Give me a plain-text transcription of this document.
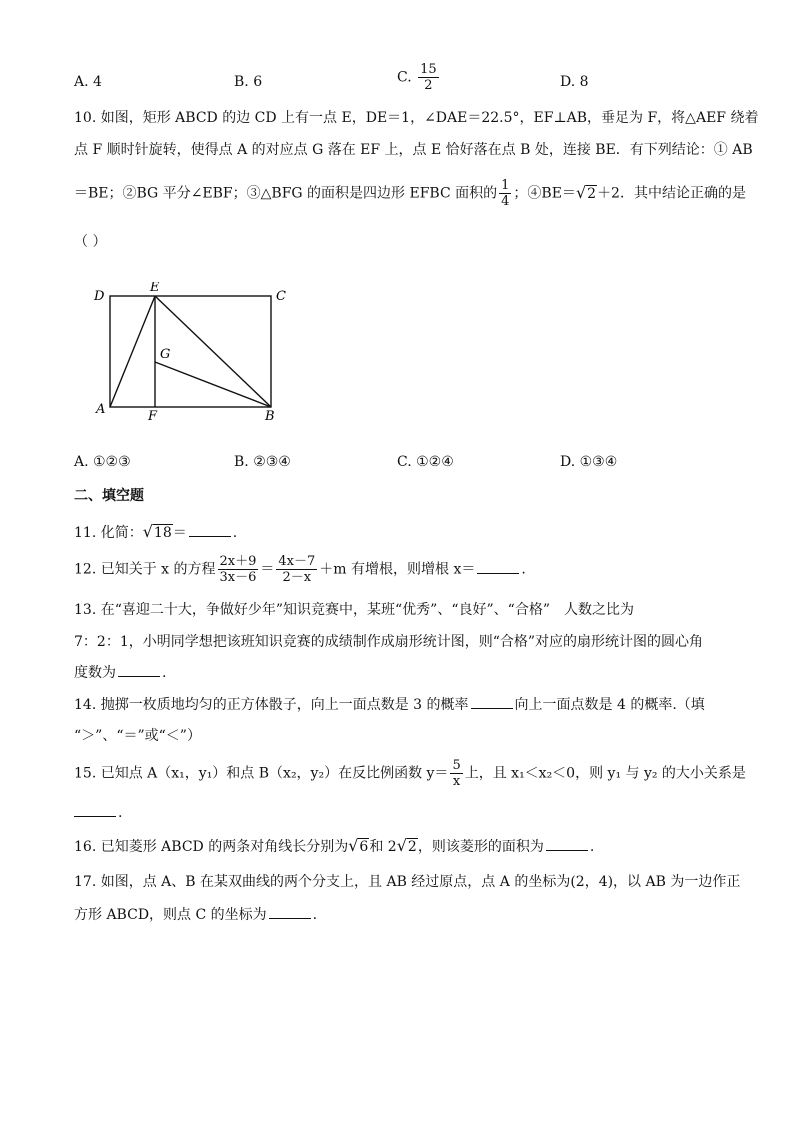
A. 4	B. 6	C. $\frac{15}{2}$	D. 8
10. 如图，矩形 ABCD 的边 CD 上有一点 E，DE＝1，∠DAE＝22.5°，EF⊥AB，垂足为 F，将△AEF 绕着
点 F 顺时针旋转，使得点 A 的对应点 G 落在 EF 上，点 E 恰好落在点 B 处，连接 BE．有下列结论：① AB
＝BE；②BG 平分∠EBF；③△BFG 的面积是四边形 EFBC 面积的 $\frac{1}{4}$ ；④BE＝√2＋2．其中结论正确的是
（ ）
D
E
C
G
A	F	B
A. ①②③	B. ②③④	C. ①②④	D. ①③④
二、填空题
11. 化简：√18＝	.
12. 已知关于 x 的方程 $\frac{2x+9}{3x-6} = \frac{4x-7}{2-x} +m$ 有增根，则增根 x＝	.
13. 在“喜迎二十大，争做好少年”知识竞赛中，某班“优秀”、“良好”、“合格”　人数之比为
7：2：1，小明同学想把该班知识竞赛的成绩制作成扇形统计图，则“合格”对应的扇形统计图的圆心角
度数为	.
14. 抛掷一枚质地均匀的正方体骰子，向上一面点数是 3 的概率	向上一面点数是 4 的概率.（填
“＞”、“＝”或“＜”）
15. 已知点 A（x₁，y₁）和点 B（x₂，y₂）在反比例函数 $y= \frac{5}{x}$ 上，且 x₁＜x₂＜0，则 y₁ 与 y₂ 的大小关系是
.
16. 已知菱形 ABCD 的两条对角线长分别为√6和 2√2，则该菱形的面积为	.
17. 如图，点 A、B 在某双曲线的两个分支上，且 AB 经过原点，点 A 的坐标为(2，4)，以 AB 为一边作正
方形 ABCD，则点 C 的坐标为	.
